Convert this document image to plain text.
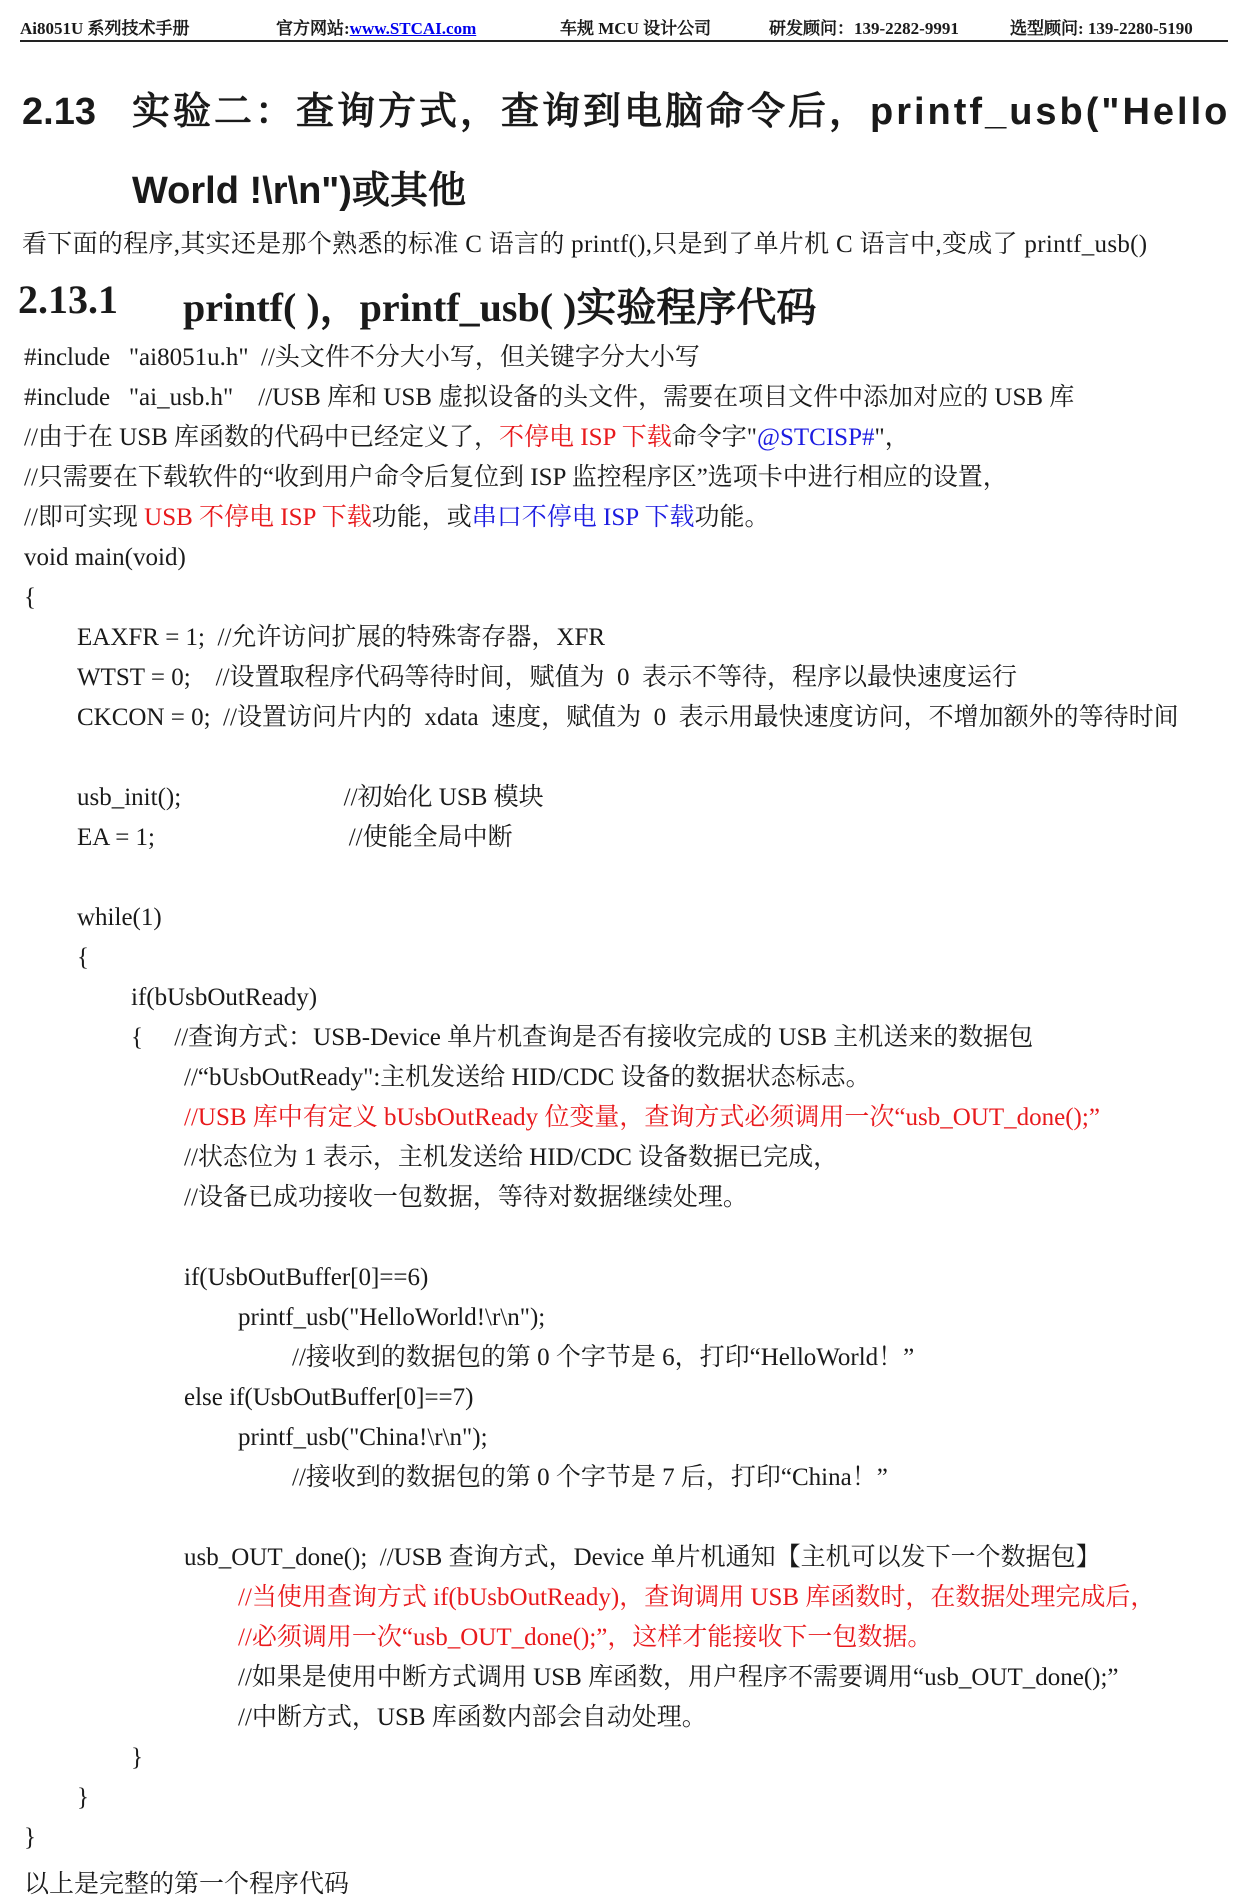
Ai8051U 系列技术手册	官方网站:www.STCAI.com	车规 MCU 设计公司	研发顾问：139-2282-9991	选型顾问: 139-2280-5190
2.13 实验二：查询方式，查询到电脑命令后，printf_usb("Hello
World !\r\n")或其他
看下面的程序,其实还是那个熟悉的标准 C 语言的 printf(),只是到了单片机 C 语言中,变成了 printf_usb()
2.13.1 printf( )，printf_usb( )实验程序代码
#include   "ai8051u.h"  //头文件不分大小写，但关键字分大小写
#include   "ai_usb.h"    //USB 库和 USB 虚拟设备的头文件，需要在项目文件中添加对应的 USB 库
//由于在 USB 库函数的代码中已经定义了，不停电 ISP 下载命令字"@STCISP#"，
//只需要在下载软件的“收到用户命令后复位到 ISP 监控程序区”选项卡中进行相应的设置，
//即可实现 USB 不停电 ISP 下载功能，或串口不停电 ISP 下载功能。
void main(void)
{
EAXFR = 1;  //允许访问扩展的特殊寄存器，XFR
WTST = 0;    //设置取程序代码等待时间，赋值为  0  表示不等待，程序以最快速度运行
CKCON = 0;  //设置访问片内的  xdata  速度，赋值为  0  表示用最快速度访问，不增加额外的等待时间
usb_init();                          //初始化 USB 模块
EA = 1;                               //使能全局中断
while(1)
{
if(bUsbOutReady)
{     //查询方式：USB-Device 单片机查询是否有接收完成的 USB 主机送来的数据包
//“bUsbOutReady":主机发送给 HID/CDC 设备的数据状态标志。
//USB 库中有定义 bUsbOutReady 位变量，查询方式必须调用一次“usb_OUT_done();”
//状态位为 1 表示，主机发送给 HID/CDC 设备数据已完成，
//设备已成功接收一包数据，等待对数据继续处理。
if(UsbOutBuffer[0]==6)
printf_usb("HelloWorld!\r\n");
//接收到的数据包的第 0 个字节是 6，打印“HelloWorld！”
else if(UsbOutBuffer[0]==7)
printf_usb("China!\r\n");
//接收到的数据包的第 0 个字节是 7 后，打印“China！”
usb_OUT_done();  //USB 查询方式，Device 单片机通知【主机可以发下一个数据包】
//当使用查询方式 if(bUsbOutReady)，查询调用 USB 库函数时，在数据处理完成后，
//必须调用一次“usb_OUT_done();”，这样才能接收下一包数据。
//如果是使用中断方式调用 USB 库函数，用户程序不需要调用“usb_OUT_done();”
//中断方式，USB 库函数内部会自动处理。
}
}
}
以上是完整的第一个程序代码
